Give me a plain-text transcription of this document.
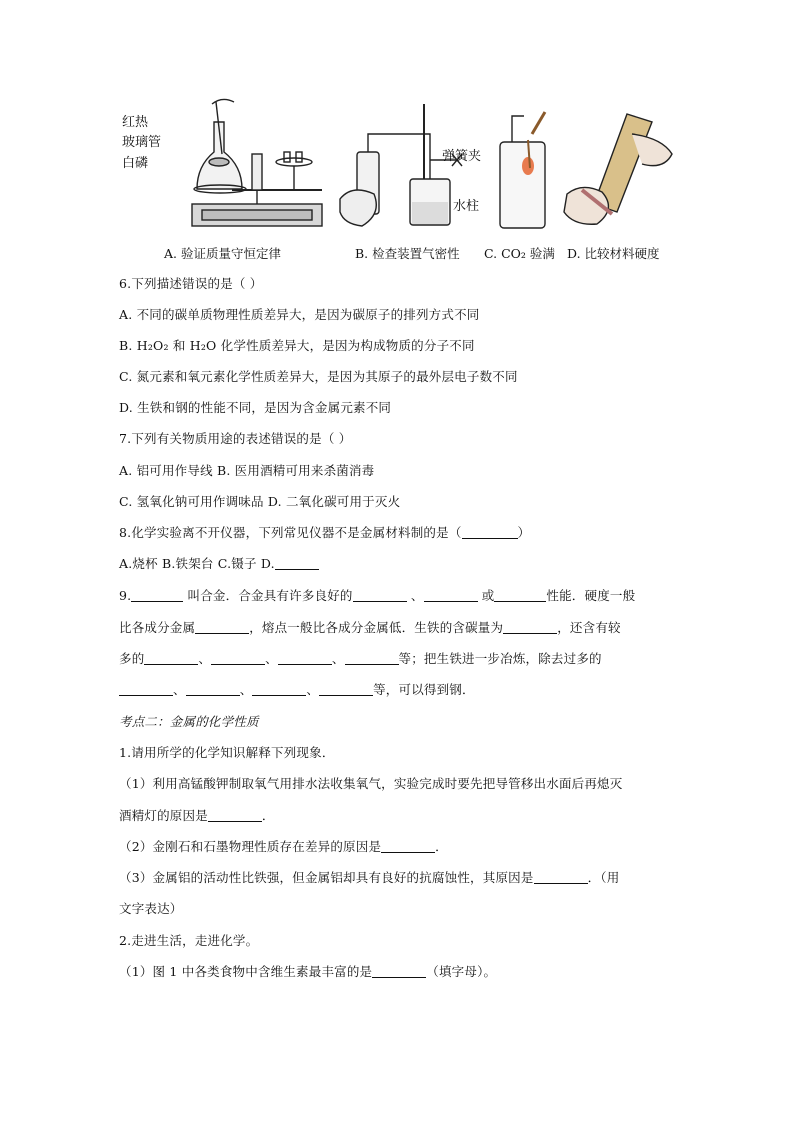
红热
玻璃管
白磷	弹簧夹
水柱
A. 验证质量守恒定律	B. 检查装置气密性 C. CO₂ 验满 D. 比较材料硬度
6.下列描述错误的是（ ）
A. 不同的碳单质物理性质差异大，是因为碳原子的排列方式不同
B. H₂O₂ 和 H₂O 化学性质差异大，是因为构成物质的分子不同
C. 氮元素和氧元素化学性质差异大，是因为其原子的最外层电子数不同
D. 生铁和钢的性能不同，是因为含金属元素不同
7.下列有关物质用途的表述错误的是（ ）
A. 铝可用作导线 B. 医用酒精可用来杀菌消毒
C. 氢氧化钠可用作调味品 D. 二氧化碳可用于灭火
8.化学实验离不开仪器，下列常见仪器不是金属材料制的是（	）
A.烧杯 B.铁架台 C.镊子 D.
9.	叫合金．合金具有许多良好的	、	或	性能．硬度一般
比各成分金属	，熔点一般比各成分金属低．生铁的含碳量为	，还含有较
多的	、	、	、	等；把生铁进一步冶炼，除去过多的
、	、	、	等，可以得到钢．
考点二：金属的化学性质
1.请用所学的化学知识解释下列现象．
（1）利用高锰酸钾制取氧气用排水法收集氧气，实验完成时要先把导管移出水面后再熄灭
酒精灯的原因是	．
（2）金刚石和石墨物理性质存在差异的原因是	．
（3）金属铝的活动性比铁强，但金属铝却具有良好的抗腐蚀性，其原因是	．（用
文字表达）
2.走进生活，走进化学。
（1）图 1 中各类食物中含维生素最丰富的是	（填字母）。
